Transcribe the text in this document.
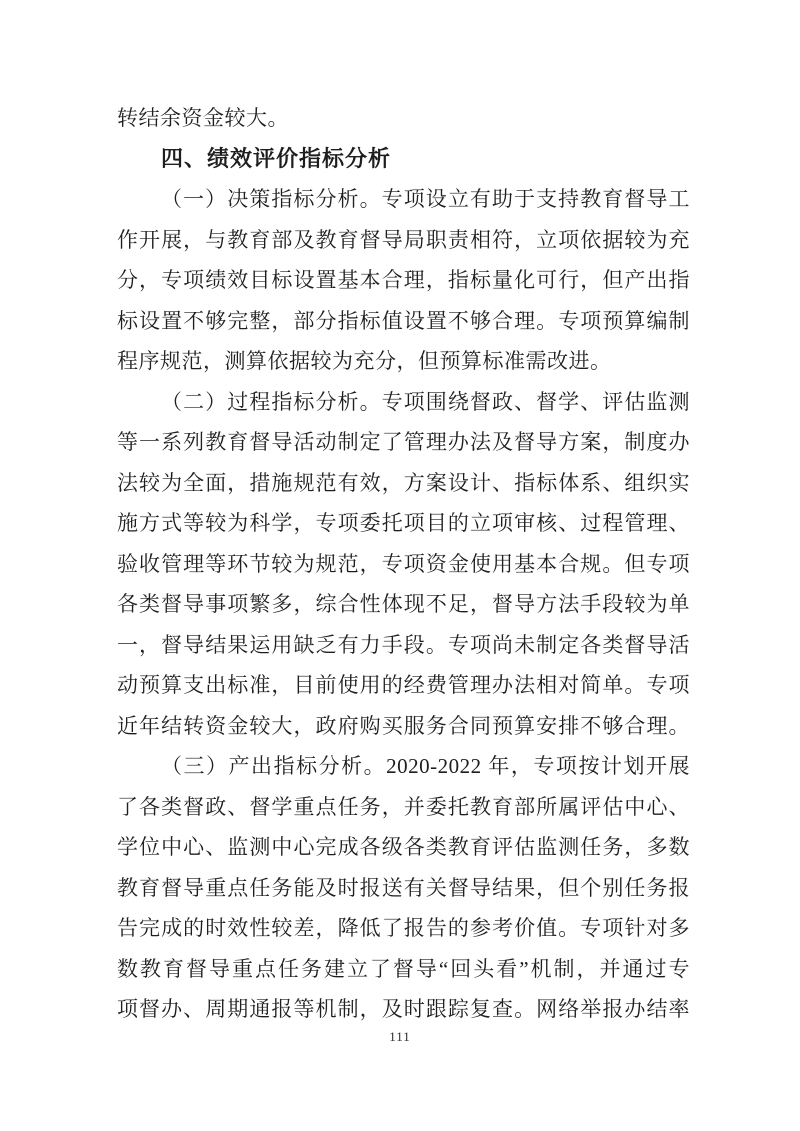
转结余资金较大。
四、绩效评价指标分析
（一）决策指标分析。专项设立有助于支持教育督导工
作开展，与教育部及教育督导局职责相符，立项依据较为充
分，专项绩效目标设置基本合理，指标量化可行，但产出指
标设置不够完整，部分指标值设置不够合理。专项预算编制
程序规范，测算依据较为充分，但预算标准需改进。
（二）过程指标分析。专项围绕督政、督学、评估监测
等一系列教育督导活动制定了管理办法及督导方案，制度办
法较为全面，措施规范有效，方案设计、指标体系、组织实
施方式等较为科学，专项委托项目的立项审核、过程管理、
验收管理等环节较为规范，专项资金使用基本合规。但专项
各类督导事项繁多，综合性体现不足，督导方法手段较为单
一，督导结果运用缺乏有力手段。专项尚未制定各类督导活
动预算支出标准，目前使用的经费管理办法相对简单。专项
近年结转资金较大，政府购买服务合同预算安排不够合理。
（三）产出指标分析。2020-2022 年，专项按计划开展
了各类督政、督学重点任务，并委托教育部所属评估中心、
学位中心、监测中心完成各级各类教育评估监测任务，多数
教育督导重点任务能及时报送有关督导结果，但个别任务报
告完成的时效性较差，降低了报告的参考价值。专项针对多
数教育督导重点任务建立了督导“回头看”机制，并通过专
项督办、周期通报等机制，及时跟踪复查。网络举报办结率
111
